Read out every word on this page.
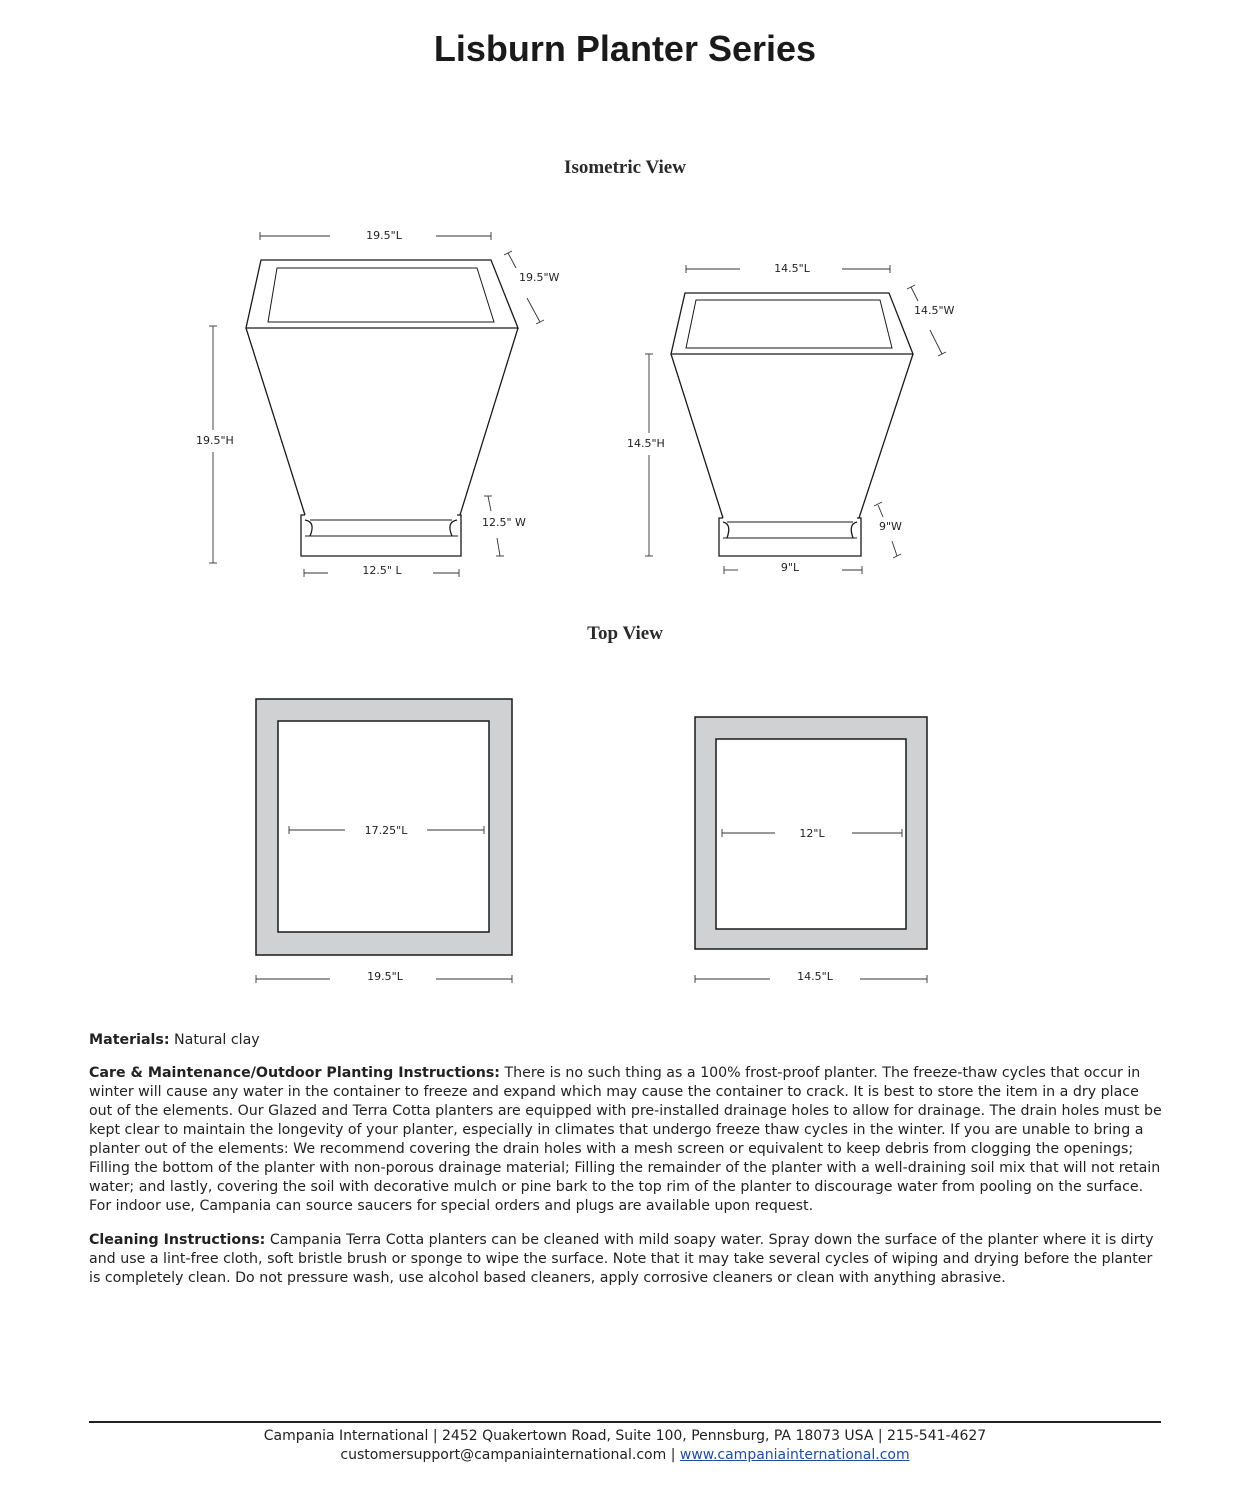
Lisburn Planter Series
Isometric View
19.5"L
19.5"W
19.5"H
12.5" W
12.5" L
14.5"L
14.5"W
14.5"H
9"W
9"L
17.25"L
19.5"L
12"L
14.5"L
Top View

Materials: Natural clay

Care & Maintenance/Outdoor Planting Instructions: There is no such thing as a 100% frost-proof planter. The freeze-thaw cycles that occur in winter will cause any water in the container to freeze and expand which may cause the container to crack. It is best to store the item in a dry place out of the elements. Our Glazed and Terra Cotta planters are equipped with pre-installed drainage holes to allow for drainage. The drain holes must be kept clear to maintain the longevity of your planter, especially in climates that undergo freeze thaw cycles in the winter. If you are unable to bring a planter out of the elements: We recommend covering the drain holes with a mesh screen or equivalent to keep debris from clogging the openings; Filling the bottom of the planter with non-porous drainage material; Filling the remainder of the planter with a well-draining soil mix that will not retain water; and lastly, covering the soil with decorative mulch or pine bark to the top rim of the planter to discourage water from pooling on the surface. For indoor use, Campania can source saucers for special orders and plugs are available upon request.

Cleaning Instructions: Campania Terra Cotta planters can be cleaned with mild soapy water. Spray down the surface of the planter where it is dirty and use a lint-free cloth, soft bristle brush or sponge to wipe the surface. Note that it may take several cycles of wiping and drying before the planter is completely clean. Do not pressure wash, use alcohol based cleaners, apply corrosive cleaners or clean with anything abrasive.

Campania International | 2452 Quakertown Road, Suite 100, Pennsburg, PA 18073 USA | 215-541-4627
customersupport@campaniainternational.com | www.campaniainternational.com
